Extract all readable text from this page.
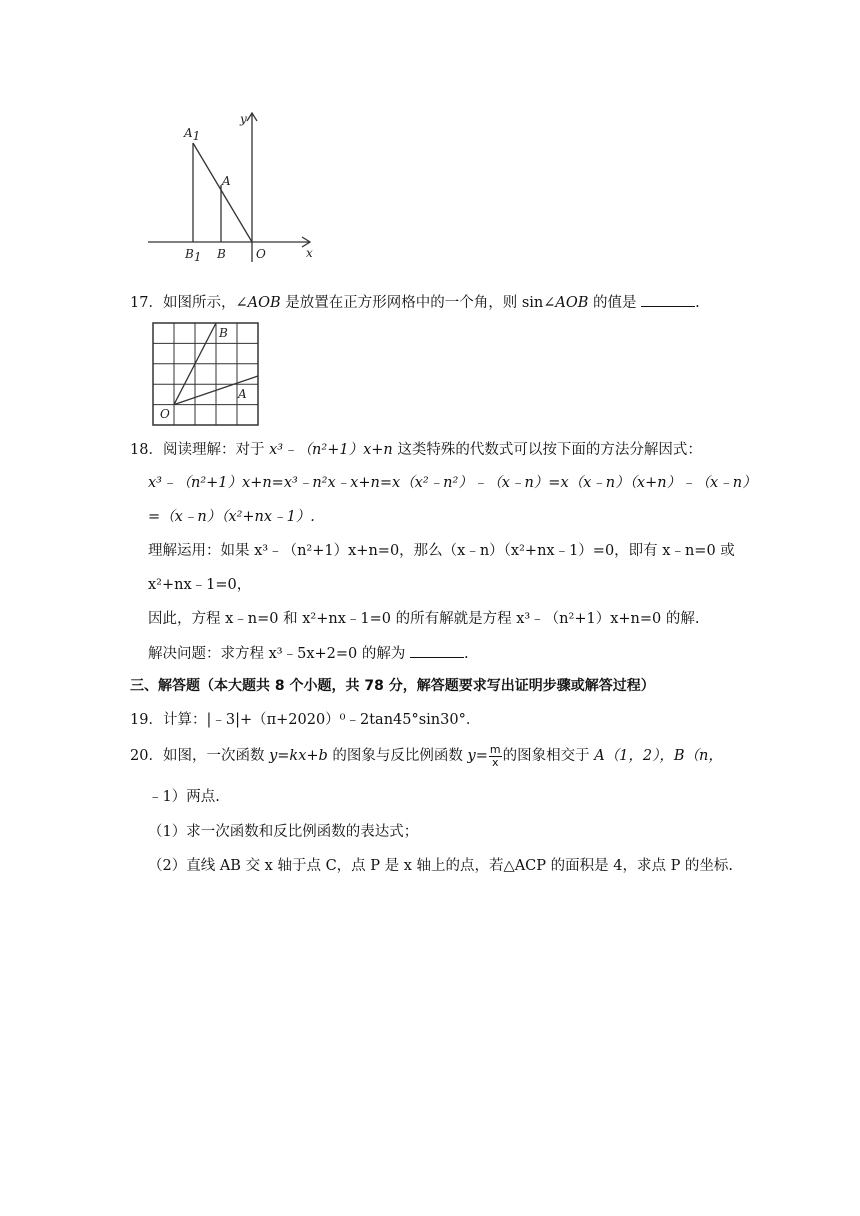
A1
A
B1 B	O	x
y
17．如图所示，∠AOB 是放置在正方形网格中的一个角，则 sin∠AOB 的值是	.
B
A
O
18．阅读理解：对于 x³﹣（n²+1）x+n 这类特殊的代数式可以按下面的方法分解因式：
x³﹣（n²+1）x+n=x³﹣n²x﹣x+n=x（x²﹣n²）﹣（x﹣n）=x（x﹣n）（x+n）﹣（x﹣n）
=（x﹣n）（x²+nx﹣1）.
理解运用：如果 x³﹣（n²+1）x+n=0，那么（x﹣n）（x²+nx﹣1）=0，即有 x﹣n=0 或
x²+nx﹣1=0，
因此，方程 x﹣n=0 和 x²+nx﹣1=0 的所有解就是方程 x³﹣（n²+1）x+n=0 的解.
解决问题：求方程 x³﹣5x+2=0 的解为	.
三、解答题（本大题共 8 个小题，共 78 分，解答题要求写出证明步骤或解答过程）
19．计算：|﹣3|+（π+2020）⁰﹣2tan45°sin30°．
20．如图，一次函数 y=kx+b 的图象与反比例函数 $y= \frac{m}{x}$ 的图象相交于 A（1，2），B（n，
﹣1）两点.
（1）求一次函数和反比例函数的表达式；
（2）直线 AB 交 x 轴于点 C，点 P 是 x 轴上的点，若△ACP 的面积是 4，求点 P 的坐标.
